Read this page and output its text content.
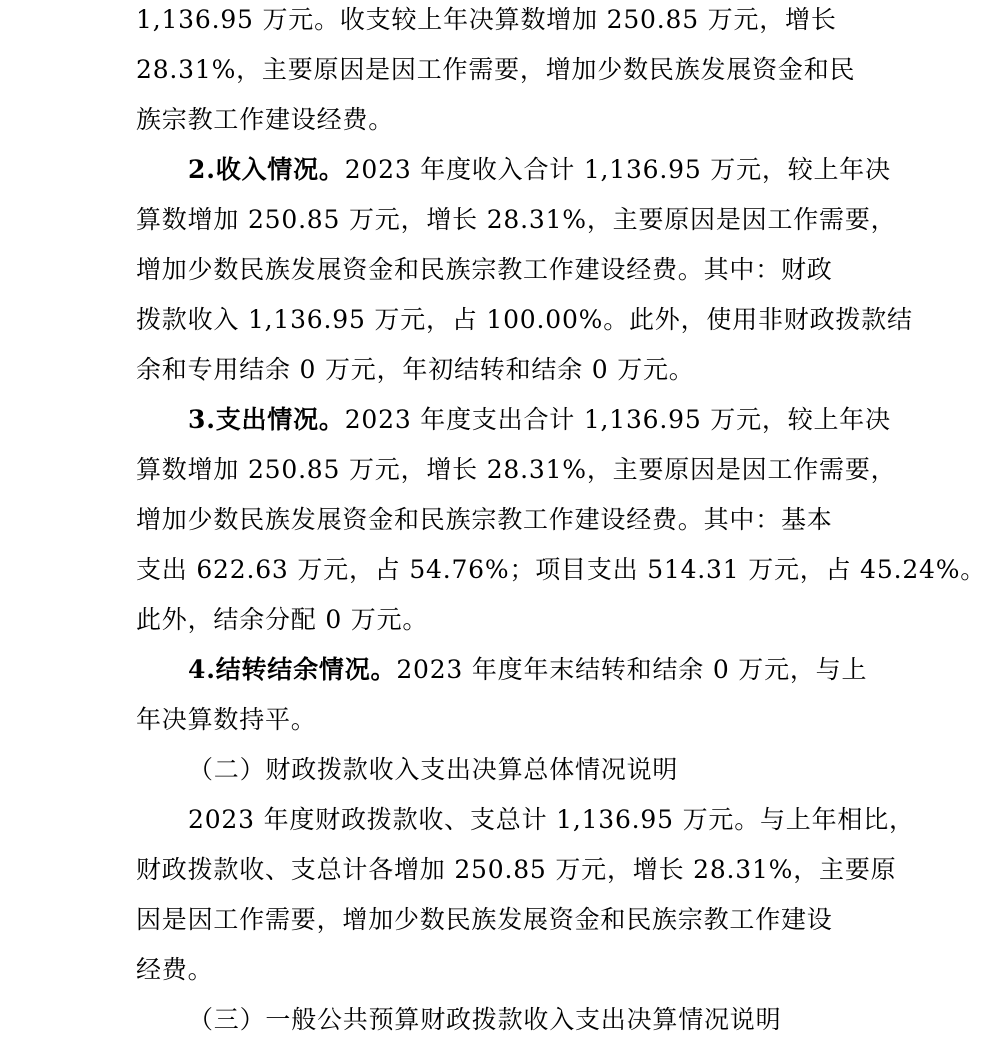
1,136.95 万元。收支较上年决算数增加 250.85 万元，增长
28.31%，主要原因是因工作需要，增加少数民族发展资金和民
族宗教工作建设经费。
2.收入情况。2023 年度收入合计 1,136.95 万元，较上年决
算数增加 250.85 万元，增长 28.31%，主要原因是因工作需要，
增加少数民族发展资金和民族宗教工作建设经费。其中：财政
拨款收入 1,136.95 万元，占 100.00%。此外，使用非财政拨款结
余和专用结余 0 万元，年初结转和结余 0 万元。
3.支出情况。2023 年度支出合计 1,136.95 万元，较上年决
算数增加 250.85 万元，增长 28.31%，主要原因是因工作需要，
增加少数民族发展资金和民族宗教工作建设经费。其中：基本
支出 622.63 万元，占 54.76%；项目支出 514.31 万元，占 45.24%。
此外，结余分配 0 万元。
4.结转结余情况。2023 年度年末结转和结余 0 万元，与上
年决算数持平。
（二）财政拨款收入支出决算总体情况说明
2023 年度财政拨款收、支总计 1,136.95 万元。与上年相比，
财政拨款收、支总计各增加 250.85 万元，增长 28.31%，主要原
因是因工作需要，增加少数民族发展资金和民族宗教工作建设
经费。
（三）一般公共预算财政拨款收入支出决算情况说明
